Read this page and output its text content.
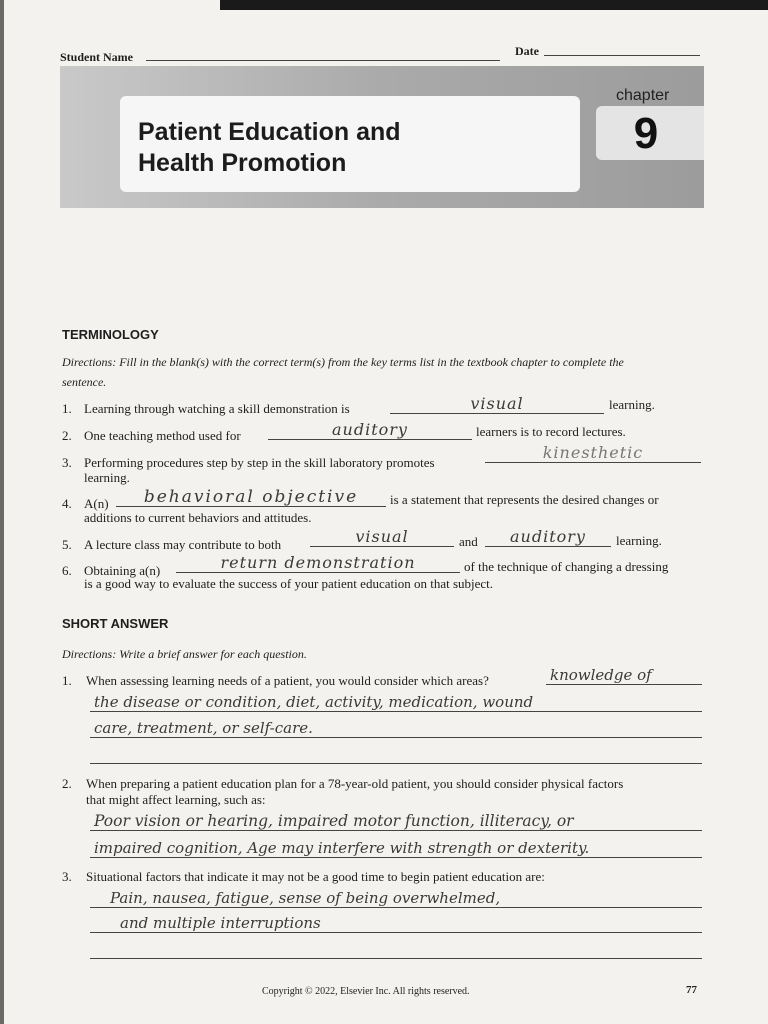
Student Name	Date
Patient Education and
Health Promotion
chapter
9
TERMINOLOGY
Directions: Fill in the blank(s) with the correct term(s) from the key terms list in the textbook chapter to complete the
sentence.
1. Learning through watching a skill demonstration is	visual	learning.
2. One teaching method used for	auditory	learners is to record lectures.
3. Performing procedures step by step in the skill laboratory promotes
kinesthetic
learning.
4. A(n)	behavioral objective	is a statement that represents the desired changes or
additions to current behaviors and attitudes.
5. A lecture class may contribute to both	visual	and	auditory	learning.
6. Obtaining a(n)	return demonstration	of the technique of changing a dressing
is a good way to evaluate the success of your patient education on that subject.
SHORT ANSWER
Directions: Write a brief answer for each question.
1. When assessing learning needs of a patient, you would consider which areas?	knowledge of
the disease or condition, diet, activity, medication, wound
care, treatment, or self-care.
2. When preparing a patient education plan for a 78-year-old patient, you should consider physical factors
that might affect learning, such as:
Poor vision or hearing, impaired motor function, illiteracy, or
impaired cognition, Age may interfere with strength or dexterity.
3. Situational factors that indicate it may not be a good time to begin patient education are:
Pain, nausea, fatigue, sense of being overwhelmed,
and multiple interruptions
Copyright © 2022, Elsevier Inc. All rights reserved.	77
